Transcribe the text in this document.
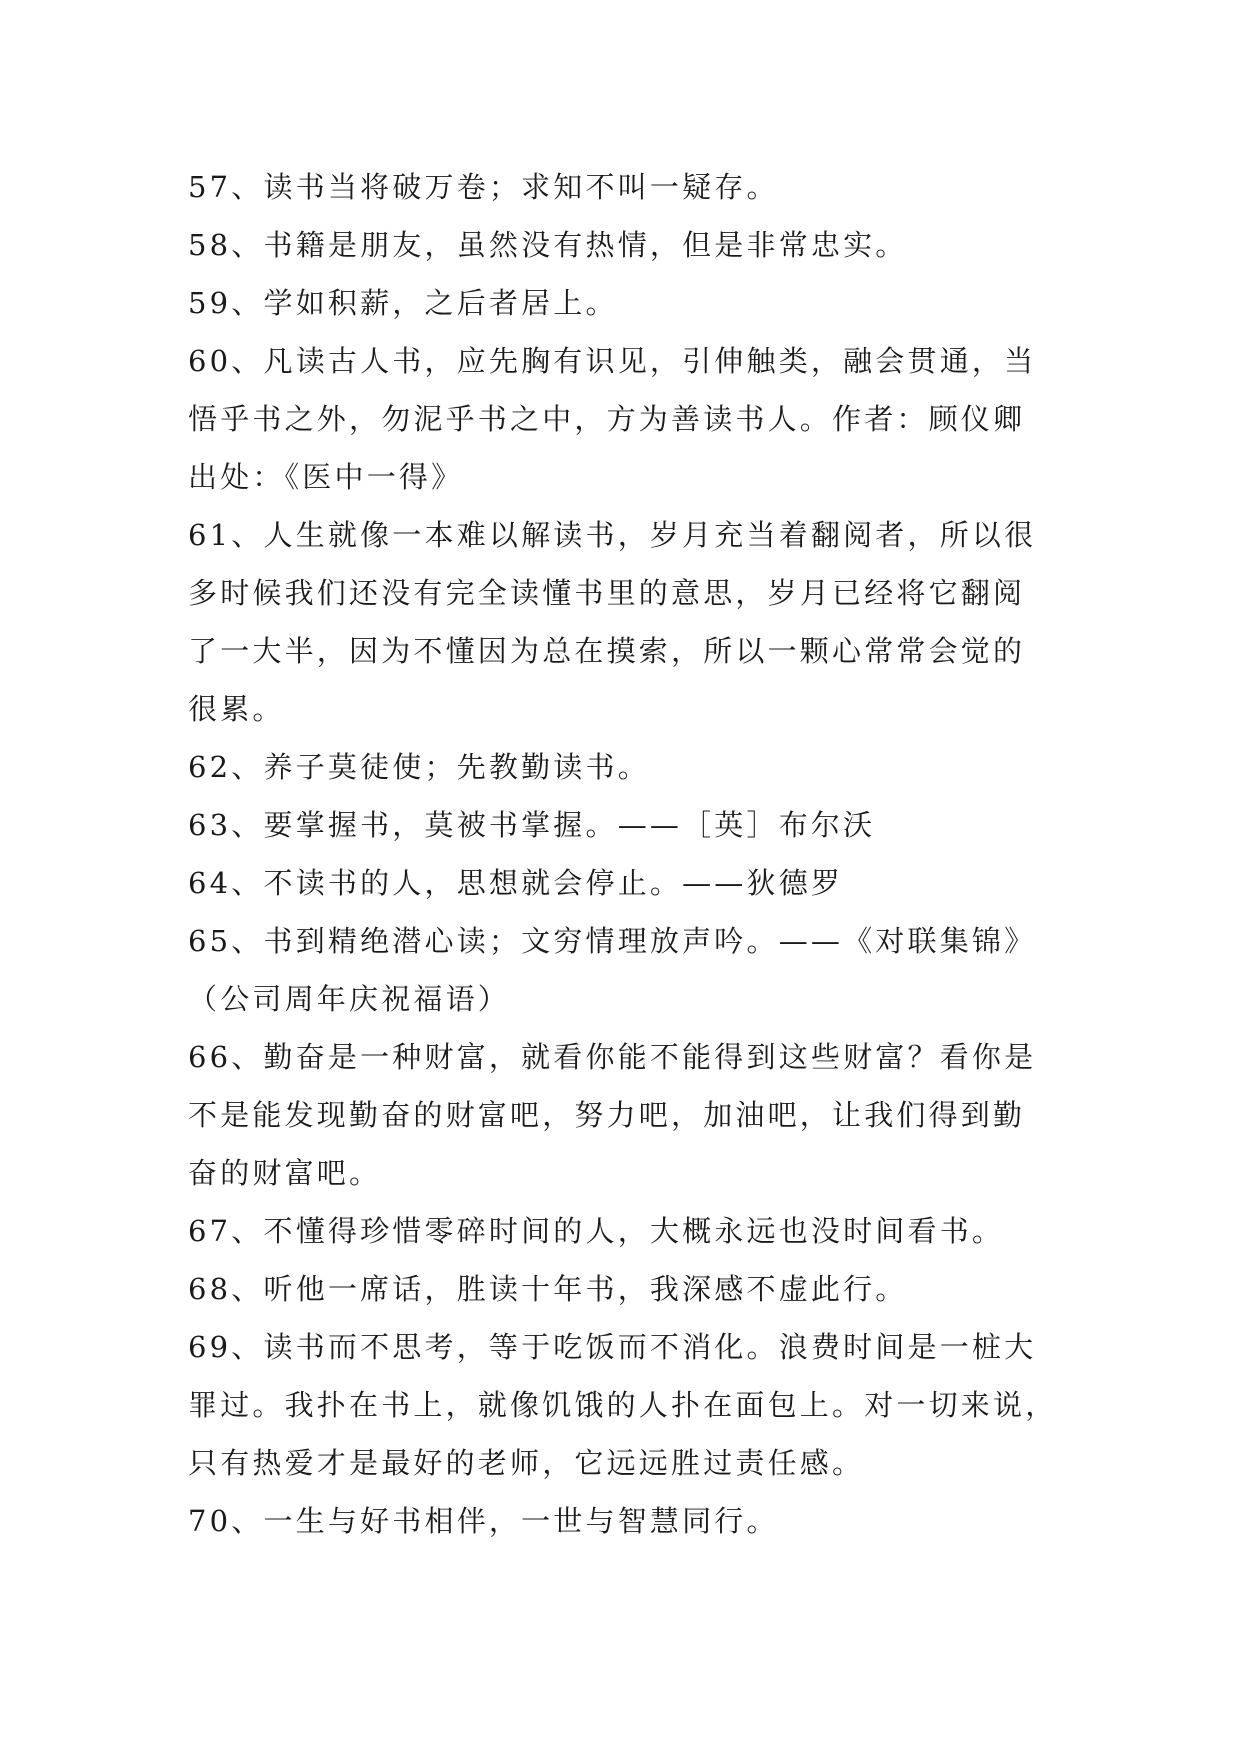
57、读书当将破万卷；求知不叫一疑存。
58、书籍是朋友，虽然没有热情，但是非常忠实。
59、学如积薪，之后者居上。
60、凡读古人书，应先胸有识见，引伸触类，融会贯通，当
悟乎书之外，勿泥乎书之中，方为善读书人。作者：顾仪卿
出处：《医中一得》
61、人生就像一本难以解读书，岁月充当着翻阅者，所以很
多时候我们还没有完全读懂书里的意思，岁月已经将它翻阅
了一大半，因为不懂因为总在摸索，所以一颗心常常会觉的
很累。
62、养子莫徒使；先教勤读书。
63、要掌握书，莫被书掌握。——［英］布尔沃
64、不读书的人，思想就会停止。——狄德罗
65、书到精绝潜心读；文穷情理放声吟。——《对联集锦》
（公司周年庆祝福语）
66、勤奋是一种财富，就看你能不能得到这些财富？看你是
不是能发现勤奋的财富吧，努力吧，加油吧，让我们得到勤
奋的财富吧。
67、不懂得珍惜零碎时间的人，大概永远也没时间看书。
68、听他一席话，胜读十年书，我深感不虚此行。
69、读书而不思考，等于吃饭而不消化。浪费时间是一桩大
罪过。我扑在书上，就像饥饿的人扑在面包上。对一切来说，
只有热爱才是最好的老师，它远远胜过责任感。
70、一生与好书相伴，一世与智慧同行。
